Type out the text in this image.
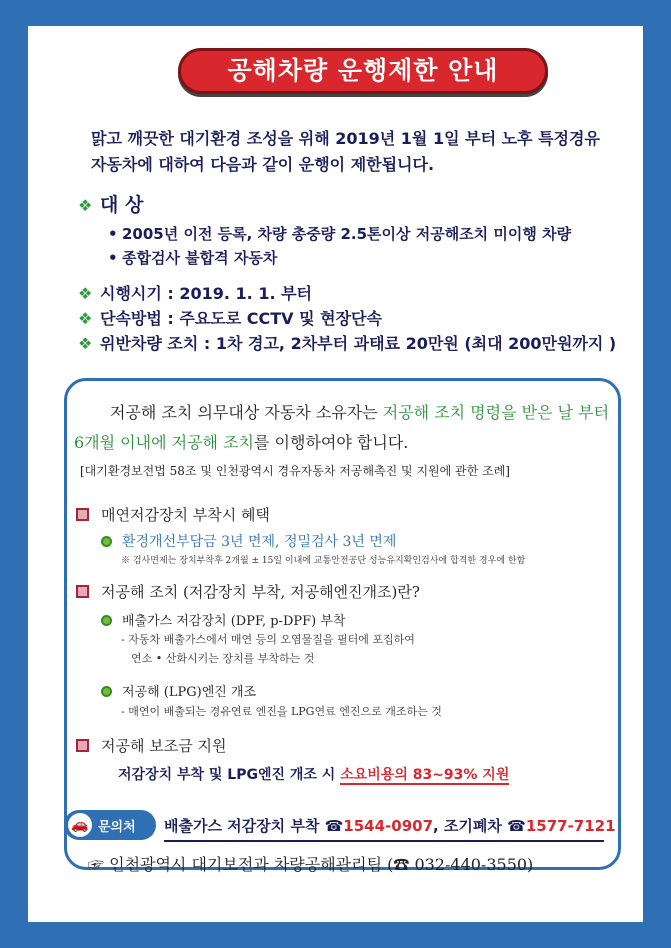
공해차량 운행제한 안내
맑고 깨끗한 대기환경 조성을 위해 2019년 1월 1일 부터 노후 특정경유
자동차에 대하여 다음과 같이 운행이 제한됩니다.
❖ 대 상
• 2005년 이전 등록, 차량 총중량 2.5톤이상 저공해조치 미이행 차량
• 종합검사 불합격 자동차
❖ 시행시기 : 2019. 1. 1. 부터
❖ 단속방법 : 주요도로 CCTV 및 현장단속
❖ 위반차량 조치 : 1차 경고, 2차부터 과태료 20만원 (최대 200만원까지 )
저공해 조치 의무대상 자동차 소유자는 저공해 조치 명령을 받은 날 부터
6개월 이내에 저공해 조치를 이행하여야 합니다.
[대기환경보전법 58조 및 인천광역시 경유자동차 저공해촉진 및 지원에 관한 조례]
매연저감장치 부착시 혜택
환경개선부담금 3년 면제, 정밀검사 3년 면제
※ 검사면제는 장치부착후 2개월 ± 15일 이내에 교통안전공단 성능유지확인검사에 합격한 경우에 한함
저공해 조치 (저감장치 부착, 저공해엔진개조)란?
배출가스 저감장치 (DPF, p-DPF) 부착
- 자동차 배출가스에서 매연 등의 오염물질을 필터에 포집하여
연소 • 산화시키는 장치를 부착하는 것
저공해 (LPG)엔진 개조
- 매연이 배출되는 경유연료 엔진을 LPG연료 엔진으로 개조하는 것
저공해 보조금 지원
저감장치 부착 및 LPG엔진 개조 시 소요비용의 83~93% 지원
🚗 문의처 배출가스 저감장치 부착 ☎1544-0907, 조기폐차 ☎1577-7121
☞ 인천광역시 대기보전과 차량공해관리팀 (☎ 032-440-3550)
